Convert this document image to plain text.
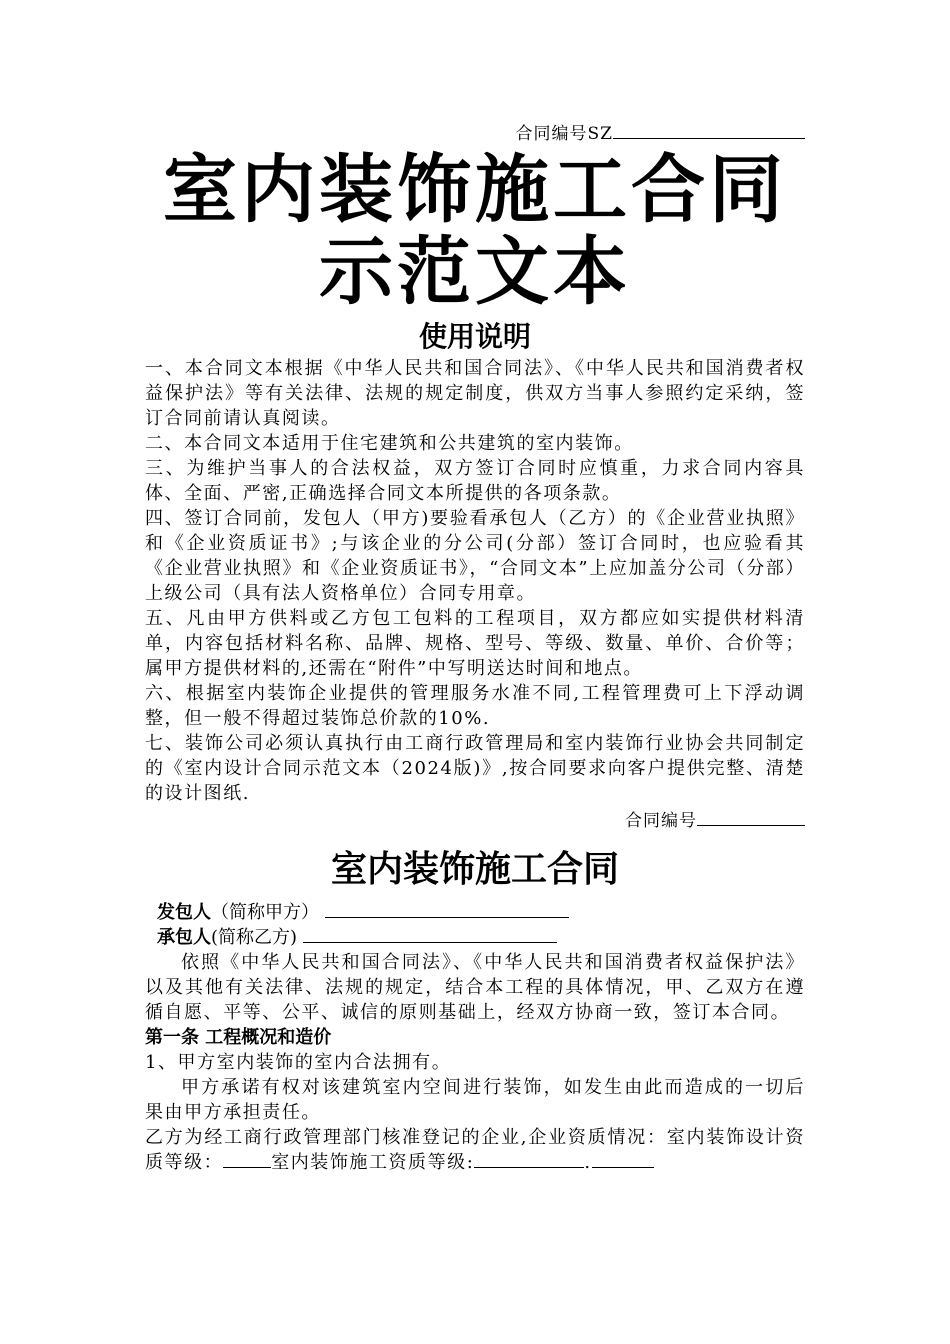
合同编号SZ
室内装饰施工合同
示范文本
使用说明

一、本合同文本根据《中华人民共和国合同法》、《中华人民共和国消费者权益保护法》等有关法律、法规的规定制度，供双方当事人参照约定采纳，签订合同前请认真阅读。

二、本合同文本适用于住宅建筑和公共建筑的室内装饰。

三、为维护当事人的合法权益，双方签订合同时应慎重，力求合同内容具体、全面、严密,正确选择合同文本所提供的各项条款。

四、签订合同前，发包人（甲方)要验看承包人（乙方）的《企业营业执照》和《企业资质证书》;与该企业的分公司(分部）签订合同时，也应验看其《企业营业执照》和《企业资质证书》，“合同文本”上应加盖分公司（分部）上级公司（具有法人资格单位）合同专用章。

五、凡由甲方供料或乙方包工包料的工程项目，双方都应如实提供材料清单，内容包括材料名称、品牌、规格、型号、等级、数量、单价、合价等；属甲方提供材料的,还需在“附件”中写明送达时间和地点。

六、根据室内装饰企业提供的管理服务水准不同,工程管理费可上下浮动调整，但一般不得超过装饰总价款的10%.

七、装饰公司必须认真执行由工商行政管理局和室内装饰行业协会共同制定的《室内设计合同示范文本（2024版)》,按合同要求向客户提供完整、清楚的设计图纸.

合同编号
室内装饰施工合同
发包人（简称甲方）
承包人(简称乙方)

依照《中华人民共和国合同法》、《中华人民共和国消费者权益保护法》以及其他有关法律、法规的规定，结合本工程的具体情况，甲、乙双方在遵循自愿、平等、公平、诚信的原则基础上，经双方协商一致，签订本合同。

第一条 工程概况和造价

1、甲方室内装饰的室内合法拥有。

甲方承诺有权对该建筑室内空间进行装饰，如发生由此而造成的一切后果由甲方承担责任。

乙方为经工商行政管理部门核准登记的企业,企业资质情况：室内装饰设计资质等级：	室内装饰施工资质等级:	.
